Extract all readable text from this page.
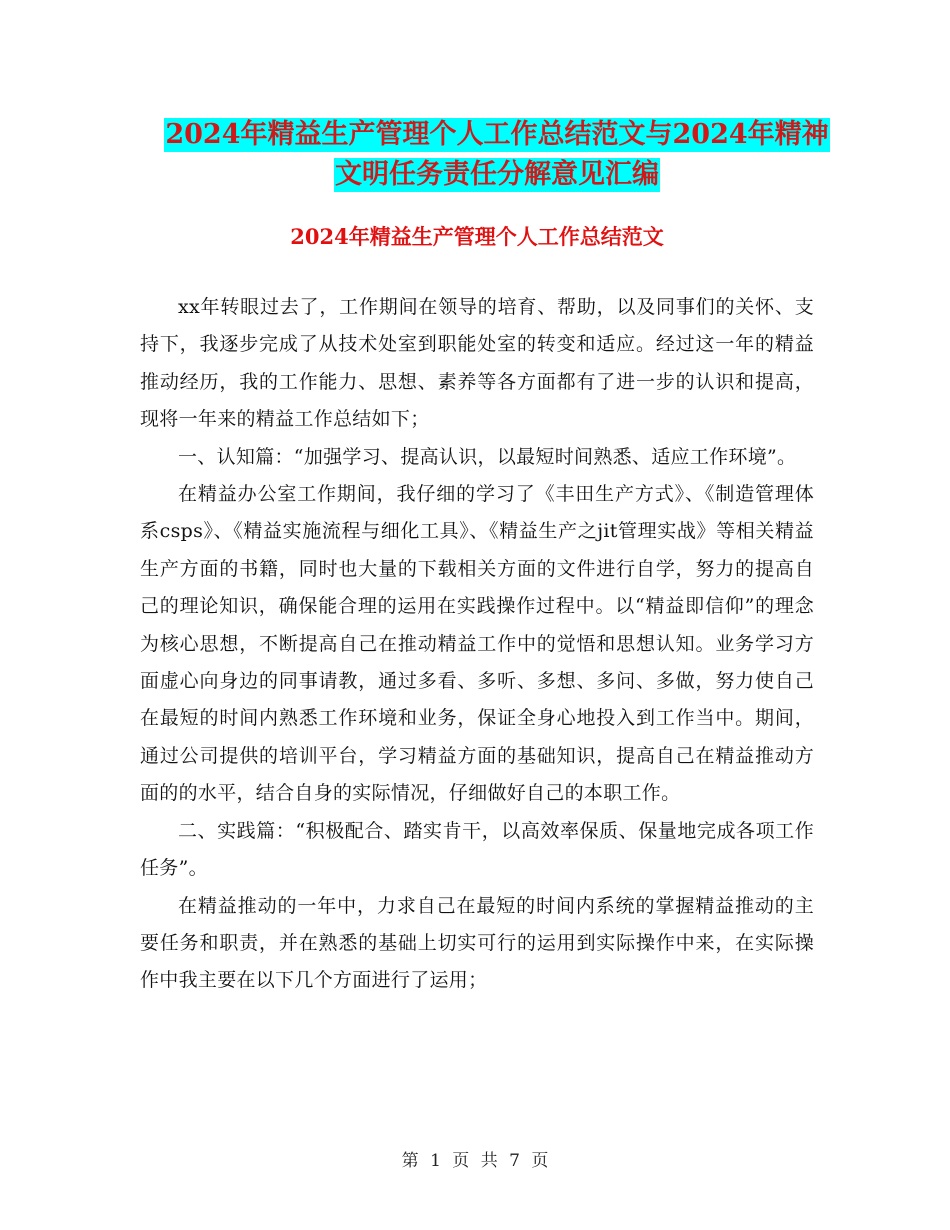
2024年精益生产管理个人工作总结范文与2024年精神
文明任务责任分解意见汇编
2024年精益生产管理个人工作总结范文

xx年转眼过去了，工作期间在领导的培育、帮助，以及同事们的关怀、支持下，我逐步完成了从技术处室到职能处室的转变和适应。经过这一年的精益推动经历，我的工作能力、思想、素养等各方面都有了进一步的认识和提高，现将一年来的精益工作总结如下；

一、认知篇：“加强学习、提高认识，以最短时间熟悉、适应工作环境”。

在精益办公室工作期间，我仔细的学习了《丰田生产方式》、《制造管理体系csps》、《精益实施流程与细化工具》、《精益生产之jit管理实战》等相关精益生产方面的书籍，同时也大量的下载相关方面的文件进行自学，努力的提高自己的理论知识，确保能合理的运用在实践操作过程中。以“精益即信仰”的理念为核心思想，不断提高自己在推动精益工作中的觉悟和思想认知。业务学习方面虚心向身边的同事请教，通过多看、多听、多想、多问、多做，努力使自己在最短的时间内熟悉工作环境和业务，保证全身心地投入到工作当中。期间，通过公司提供的培训平台，学习精益方面的基础知识，提高自己在精益推动方面的的水平，结合自身的实际情况，仔细做好自己的本职工作。

二、实践篇：“积极配合、踏实肯干，以高效率保质、保量地完成各项工作任务”。

在精益推动的一年中，力求自己在最短的时间内系统的掌握精益推动的主要任务和职责，并在熟悉的基础上切实可行的运用到实际操作中来，在实际操作中我主要在以下几个方面进行了运用；

第 1 页 共 7 页
